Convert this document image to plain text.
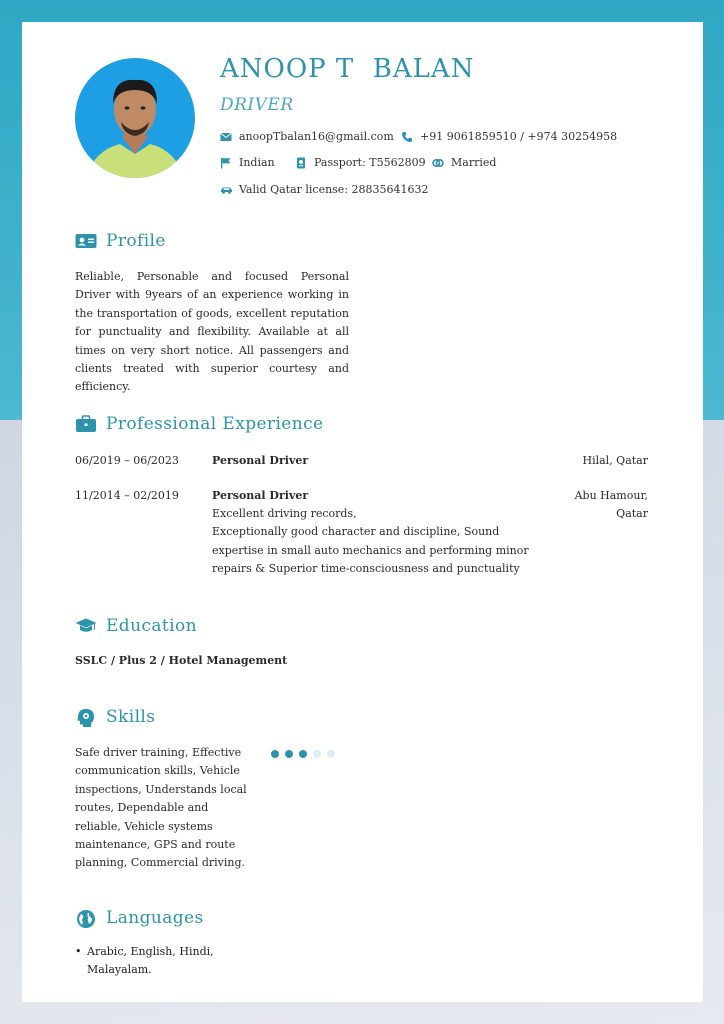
ANOOP T  BALAN
DRIVER
anoopTbalan16@gmail.com +91 9061859510 / +974 30254958
Indian	Passport: T5562809 Married
Valid Qatar license: 28835641632
Profile
Reliable, Personable and focused Personal Driver with 9years of an experience working in the transportation of goods, excellent reputation for punctuality and flexibility. Available at all times on very short notice. All passengers and clients treated with superior courtesy and efficiency.
Professional Experience
06/2019 – 06/2023	Personal Driver	Hilal, Qatar
11/2014 – 02/2019	Personal Driver	Abu Hamour, Qatar
Excellent driving records,
Exceptionally good character and discipline, Sound expertise in small auto mechanics and performing minor repairs & Superior time-consciousness and punctuality
Education
SSLC / Plus 2 / Hotel Management
Skills
Safe driver training, Effective communication skills, Vehicle inspections, Understands local routes, Dependable and reliable, Vehicle systems maintenance, GPS and route planning, Commercial driving.
Languages
• Arabic, English, Hindi, Malayalam.
